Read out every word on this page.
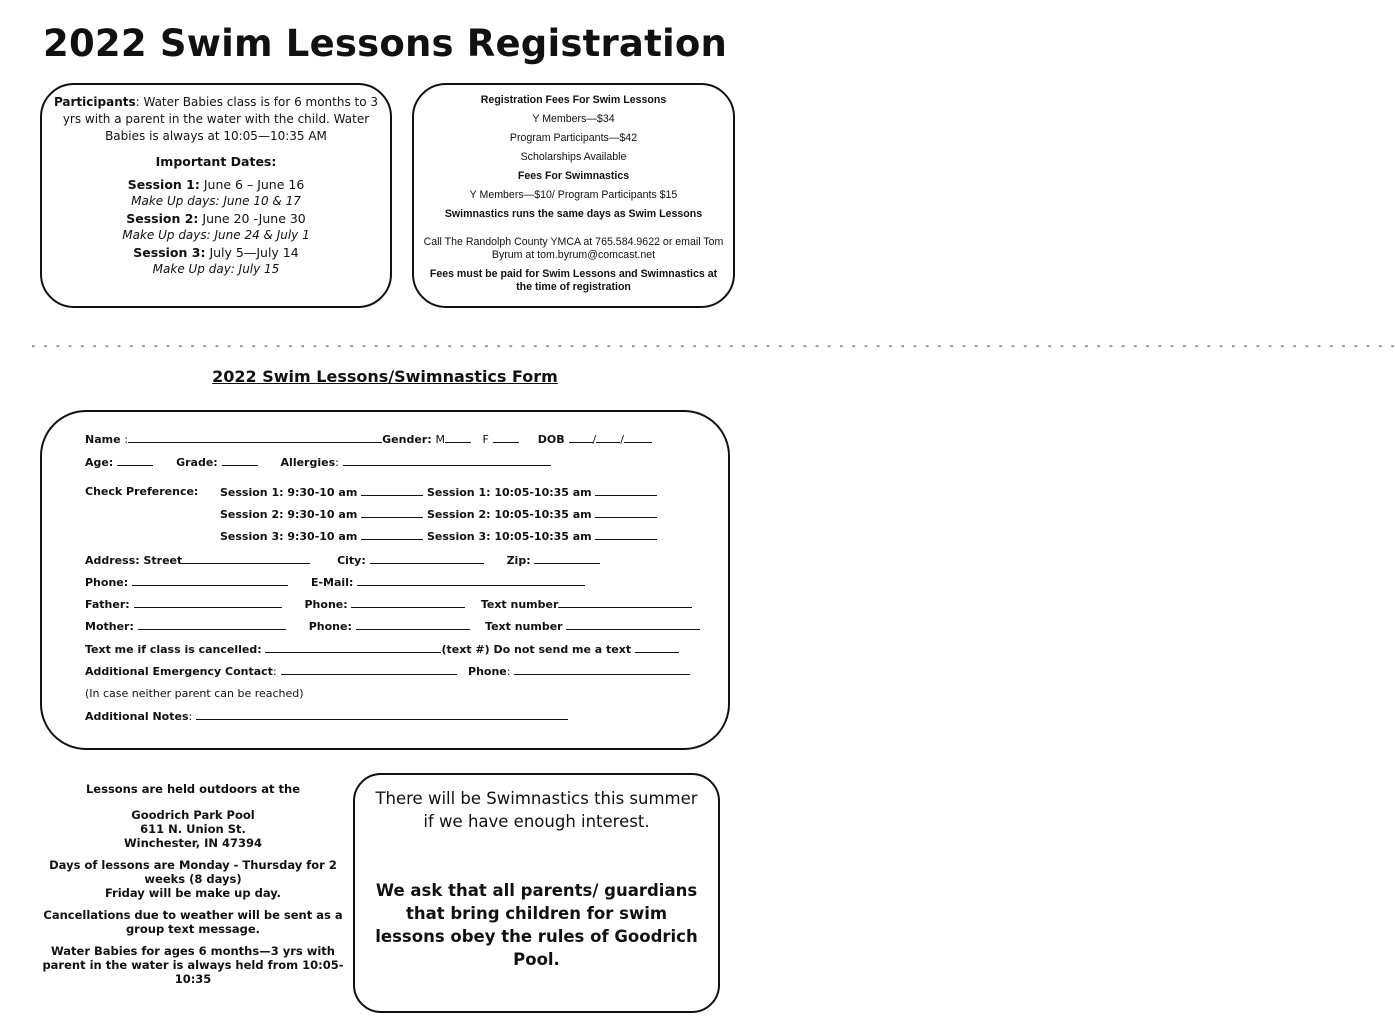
2022 Swim Lessons Registration
Participants: Water Babies class is for 6 months to 3 yrs with a parent in the water with the child. Water Babies is always at 10:05—10:35 AM
Important Dates:
Session 1: June 6 – June 16
Make Up days: June 10 & 17
Session 2: June 20 -June 30
Make Up days: June 24 & July 1
Session 3: July 5—July 14
Make Up day: July 15
Registration Fees For Swim Lessons
Y Members—$34
Program Participants—$42
Scholarships Available
Fees For Swimnastics
Y Members—$10/ Program Participants $15
Swimnastics runs the same days as Swim Lessons
Call The Randolph County YMCA at 765.584.9622 or email Tom Byrum at tom.byrum@comcast.net
Fees must be paid for Swim Lessons and Swimnastics at the time of registration
- - - - - - - - - - - - - - - - - - - - - - - - - - - - - - - - - - - - - - - - - - - - - - - - - - - - - - - - - - - - - - - - - - - - - - - - - - - - - - - - - - - - - - - - - - - - - - - - - - - - - - - - - - - - - - - -
2022 Swim Lessons/Swimnastics Form
Name :	Gender: M	F	DOB	/ /
Age:	Grade:	Allergies:
Check Preference: Session 1: 9:30-10 am	Session 1: 10:05-10:35 am
Session 2: 9:30-10 am	Session 2: 10:05-10:35 am
Session 3: 9:30-10 am	Session 3: 10:05-10:35 am
Address: Street	City:	Zip:
Phone:	E-Mail:
Father:	Phone:	Text number
Mother:	Phone:	Text number
Text me if class is cancelled:	(text #) Do not send me a text
Additional Emergency Contact:	Phone:
(In case neither parent can be reached)
Additional Notes:

Lessons are held outdoors at the

Goodrich Park Pool
611 N. Union St.

Winchester, IN 47394

Days of lessons are Monday - Thursday for 2 weeks (8 days)

Friday will be make up day.

Cancellations due to weather will be sent as a group text message.

Water Babies for ages 6 months—3 yrs with parent in the water is always held from 10:05-10:35

There will be Swimnastics this summer if we have enough interest.
We ask that all parents/ guardians that bring children for swim lessons obey the rules of Goodrich Pool.
